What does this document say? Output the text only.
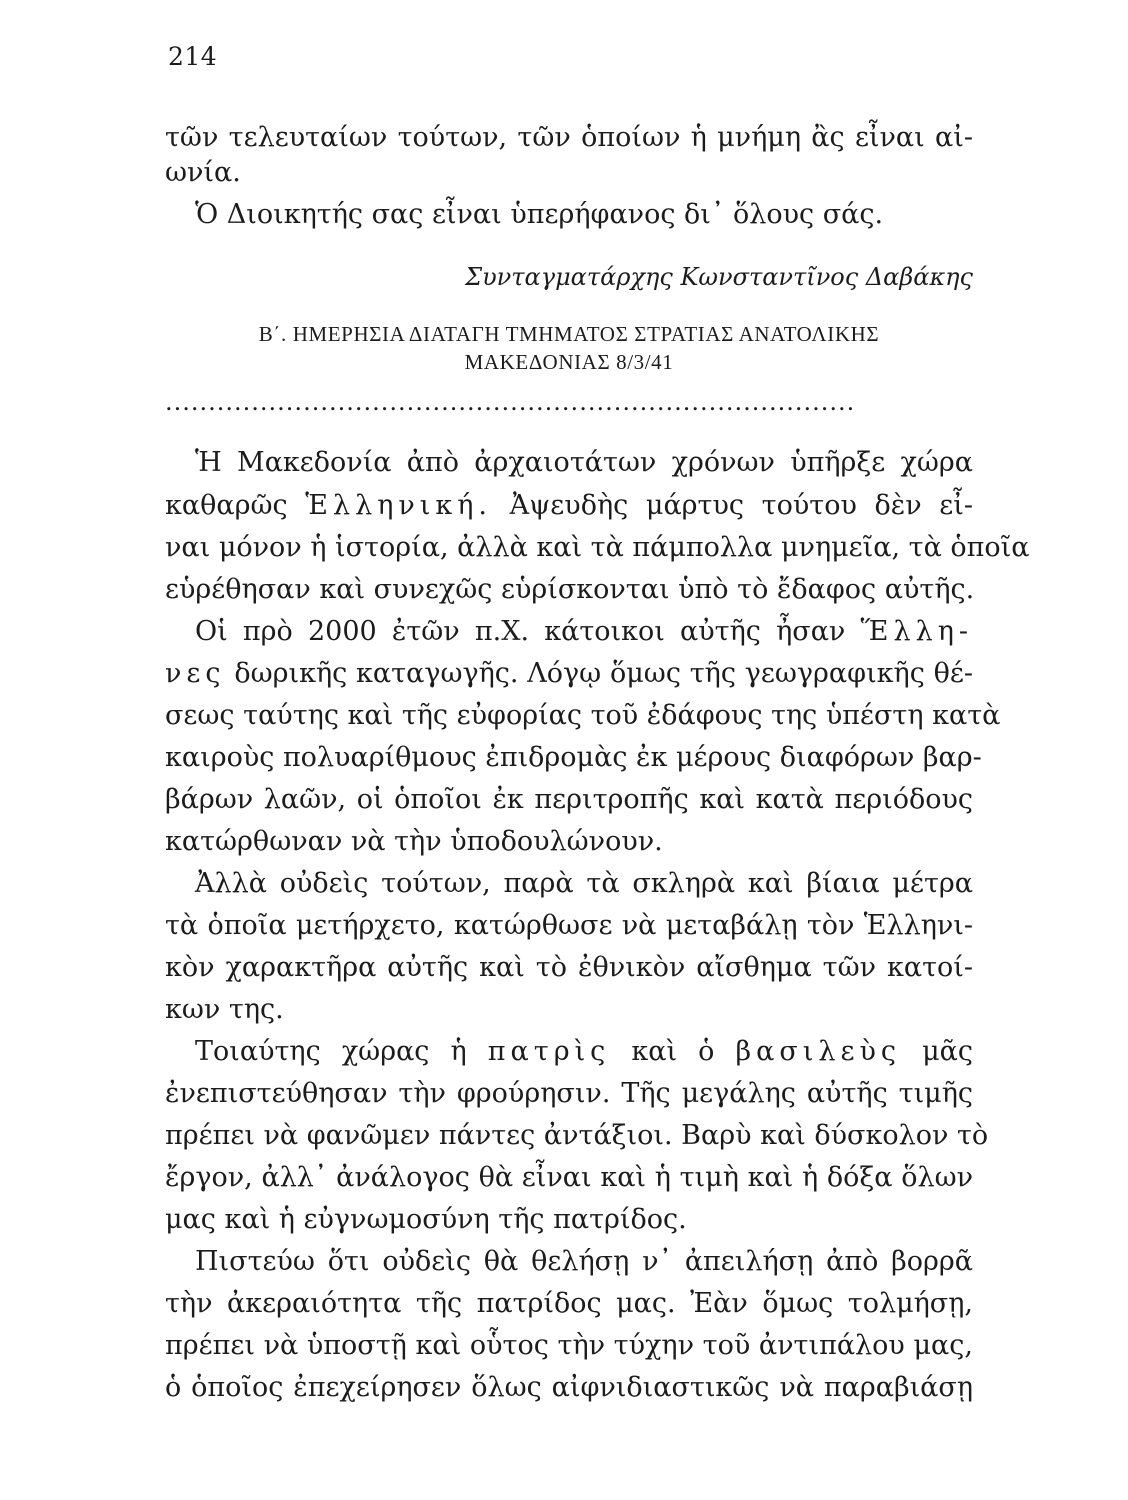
214
τῶν τελευταίων τούτων, τῶν ὁποίων ἡ μνήμη ἂς εἶναι αἰ-
ωνία.
Ὁ Διοικητής σας εἶναι ὑπερήφανος δι᾽ ὅλους σάς.
Συνταγματάρχης Κωνσταντῖνος Δαβάκης
Β΄. ΗΜΕΡΗΣΙΑ ΔΙΑΤΑΓΗ ΤΜΗΜΑΤΟΣ ΣΤΡΑΤΙΑΣ ΑΝΑΤΟΛΙΚΗΣ
ΜΑΚΕΔΟΝΙΑΣ 8/3/41
................................................................................
Ἡ Μακεδονία ἀπὸ ἀρχαιοτάτων χρόνων ὑπῆρξε χώρα
καθαρῶς Ἑλληνική. Ἀψευδὴς μάρτυς τούτου δὲν εἶ-
ναι μόνον ἡ ἱστορία, ἀλλὰ καὶ τὰ πάμπολλα μνημεῖα, τὰ ὁποῖα
εὑρέθησαν καὶ συνεχῶς εὑρίσκονται ὑπὸ τὸ ἔδαφος αὐτῆς.
Οἱ πρὸ 2000 ἐτῶν π.Χ. κάτοικοι αὐτῆς ἦσαν Ἕλλη-
νες δωρικῆς καταγωγῆς. Λόγῳ ὅμως τῆς γεωγραφικῆς θέ-
σεως ταύτης καὶ τῆς εὐφορίας τοῦ ἐδάφους της ὑπέστη κατὰ
καιροὺς πολυαρίθμους ἐπιδρομὰς ἐκ μέρους διαφόρων βαρ-
βάρων λαῶν, οἱ ὁποῖοι ἐκ περιτροπῆς καὶ κατὰ περιόδους
κατώρθωναν νὰ τὴν ὑποδουλώνουν.
Ἀλλὰ οὐδεὶς τούτων, παρὰ τὰ σκληρὰ καὶ βίαια μέτρα
τὰ ὁποῖα μετήρχετο, κατώρθωσε νὰ μεταβάλῃ τὸν Ἑλληνι-
κὸν χαρακτῆρα αὐτῆς καὶ τὸ ἐθνικὸν αἴσθημα τῶν κατοί-
κων της.
Τοιαύτης χώρας ἡ πατρὶς καὶ ὁ βασιλεὺς μᾶς
ἐνεπιστεύθησαν τὴν φρούρησιν. Τῆς μεγάλης αὐτῆς τιμῆς
πρέπει νὰ φανῶμεν πάντες ἀντάξιοι. Βαρὺ καὶ δύσκολον τὸ
ἔργον, ἀλλ᾽ ἀνάλογος θὰ εἶναι καὶ ἡ τιμὴ καὶ ἡ δόξα ὅλων
μας καὶ ἡ εὐγνωμοσύνη τῆς πατρίδος.
Πιστεύω ὅτι οὐδεὶς θὰ θελήσῃ ν᾽ ἀπειλήσῃ ἀπὸ βορρᾶ
τὴν ἀκεραιότητα τῆς πατρίδος μας. Ἐὰν ὅμως τολμήσῃ,
πρέπει νὰ ὑποστῇ καὶ οὗτος τὴν τύχην τοῦ ἀντιπάλου μας,
ὁ ὁποῖος ἐπεχείρησεν ὅλως αἰφνιδιαστικῶς νὰ παραβιάσῃ
